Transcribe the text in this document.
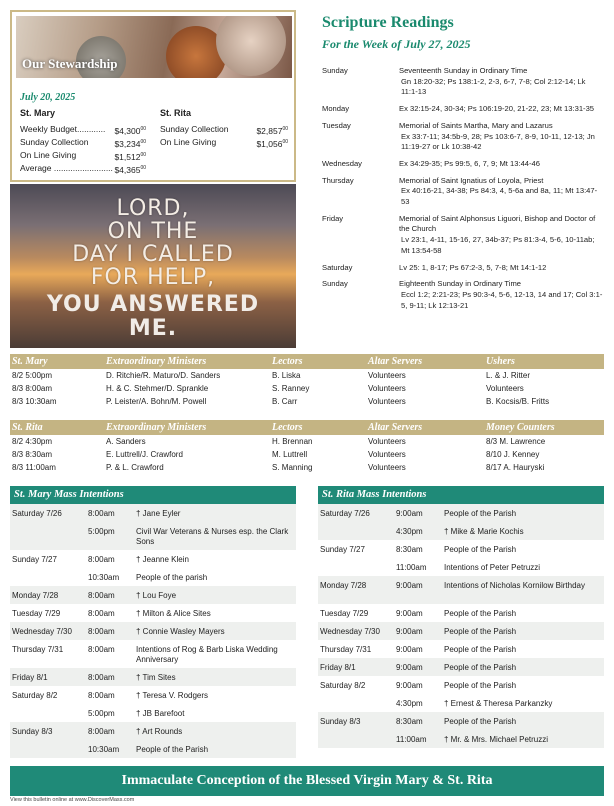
Our Stewardship
July 20, 2025
St. Mary
Weekly Budget............ $4,300$^{00}$
Sunday Collection	$3,234$^{00}$
On Line Giving	$1,512$^{00}$
Average ......................... $4,365$^{00}$
St. Rita
Sunday Collection	$2,857$^{00}$
On Line Giving	$1,056$^{00}$
LORD,
ON THE
DAY I CALLED
FOR HELP,
YOU ANSWERED
ME.
Scripture Readings
For the Week of July 27, 2025
Sunday	Seventeenth Sunday in Ordinary Time
Gn 18:20-32; Ps 138:1-2, 2-3, 6-7, 7-8; Col 2:12-14; Lk 11:1-13
Monday	Ex 32:15-24, 30-34; Ps 106:19-20, 21-22, 23; Mt 13:31-35
Tuesday	Memorial of Saints Martha, Mary and Lazarus
Ex 33:7-11; 34:5b-9, 28; Ps 103:6-7, 8-9, 10-11, 12-13; Jn 11:19-27 or Lk 10:38-42
Wednesday	Ex 34:29-35; Ps 99:5, 6, 7, 9; Mt 13:44-46
Thursday	Memorial of Saint Ignatius of Loyola, Priest
Ex 40:16-21, 34-38; Ps 84:3, 4, 5-6a and 8a, 11; Mt 13:47-53
Friday	Memorial of Saint Alphonsus Liguori, Bishop and Doctor of the Church
Lv 23:1, 4-11, 15-16, 27, 34b-37; Ps 81:3-4, 5-6, 10-11ab; Mt 13:54-58
Saturday	Lv 25: 1, 8-17; Ps 67:2-3, 5, 7-8; Mt 14:1-12
Sunday	Eighteenth Sunday in Ordinary Time
Eccl 1:2; 2:21-23; Ps 90:3-4, 5-6, 12-13, 14 and 17; Col 3:1-5, 9-11; Lk 12:13-21
St. Mary	Extraordinary Ministers	Lectors	Altar Servers	Ushers
8/2 5:00pm	D. Ritchie/R. Maturo/D. Sanders	B. Liska	Volunteers	L. & J. Ritter
8/3 8:00am	H. & C. Stehmer/D. Sprankle	S. Ranney	Volunteers	Volunteers
8/3 10:30am	P. Leister/A. Bohn/M. Powell	B. Carr	Volunteers	B. Kocsis/B. Fritts
St. Rita	Extraordinary Ministers	Lectors	Altar Servers	Money Counters
8/2 4:30pm	A. Sanders	H. Brennan	Volunteers	8/3 M. Lawrence
8/3 8:30am	E. Luttrell/J. Crawford	M. Luttrell	Volunteers	8/10 J. Kenney
8/3 11:00am	P. & L. Crawford	S. Manning	Volunteers	8/17 A. Hauryski
St. Mary Mass Intentions
Saturday 7/26	8:00am	† Jane Eyler
5:00pm	Civil War Veterans & Nurses esp. the Clark Sons
Sunday 7/27	8:00am	† Jeanne Klein
10:30am People of the parish
Monday 7/28	8:00am	† Lou Foye
Tuesday 7/29	8:00am	† Milton & Alice Sites
Wednesday 7/30 8:00am	† Connie Wasley Mayers
Thursday 7/31	8:00am	Intentions of Rog & Barb Liska Wedding Anniversary
Friday 8/1	8:00am	† Tim Sites
Saturday 8/2	8:00am	† Teresa V. Rodgers
5:00pm	† JB Barefoot
Sunday 8/3	8:00am	† Art Rounds
10:30am People of the Parish
St. Rita Mass Intentions
Saturday 7/26	9:00am	People of the Parish
4:30pm	† Mike & Marie Kochis
Sunday 7/27	8:30am	People of the Parish
11:00am Intentions of Peter Petruzzi
Monday 7/28	9:00am	Intentions of Nicholas Kornilow Birthday
Tuesday 7/29	9:00am	People of the Parish
Wednesday 7/30 9:00am	People of the Parish
Thursday 7/31	9:00am	People of the Parish
Friday 8/1	9:00am	People of the Parish
Saturday 8/2	9:00am	People of the Parish
4:30pm	† Ernest & Theresa Parkanzky
Sunday 8/3	8:30am	People of the Parish
11:00am † Mr. & Mrs. Michael Petruzzi
Immaculate Conception of the Blessed Virgin Mary & St. Rita
View this bulletin online at www.DiscoverMass.com
